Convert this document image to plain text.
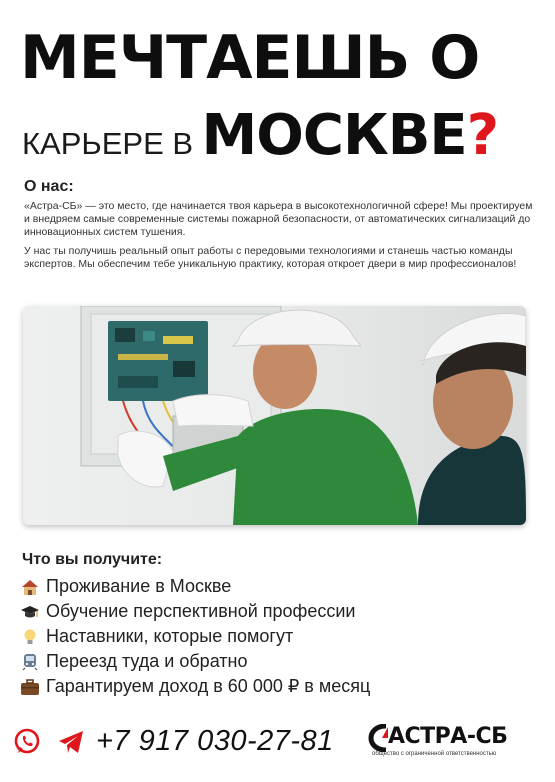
МЕЧТАЕШЬ О
КАРЬЕРЕ В МОСКВЕ?
О нас:

«Астра-СБ» — это место, где начинается твоя карьера в высокотехнологичной сфере! Мы проектируем и внедряем самые современные системы пожарной безопасности, от автоматических сигнализаций до инновационных систем тушения.

У нас ты получишь реальный опыт работы с передовыми технологиями и станешь частью команды экспертов. Мы обеспечим тебе уникальную практику, которая откроет двери в мир профессионалов!

Что вы получите:
Проживание в Москве
Обучение перспективной профессии
Наставники, которые помогут
Переезд туда и обратно
Гарантируем доход в 60 000 ₽ в месяц
+7 917 030-27-81 АСТРА-СБ
общество с ограниченной ответственностью
